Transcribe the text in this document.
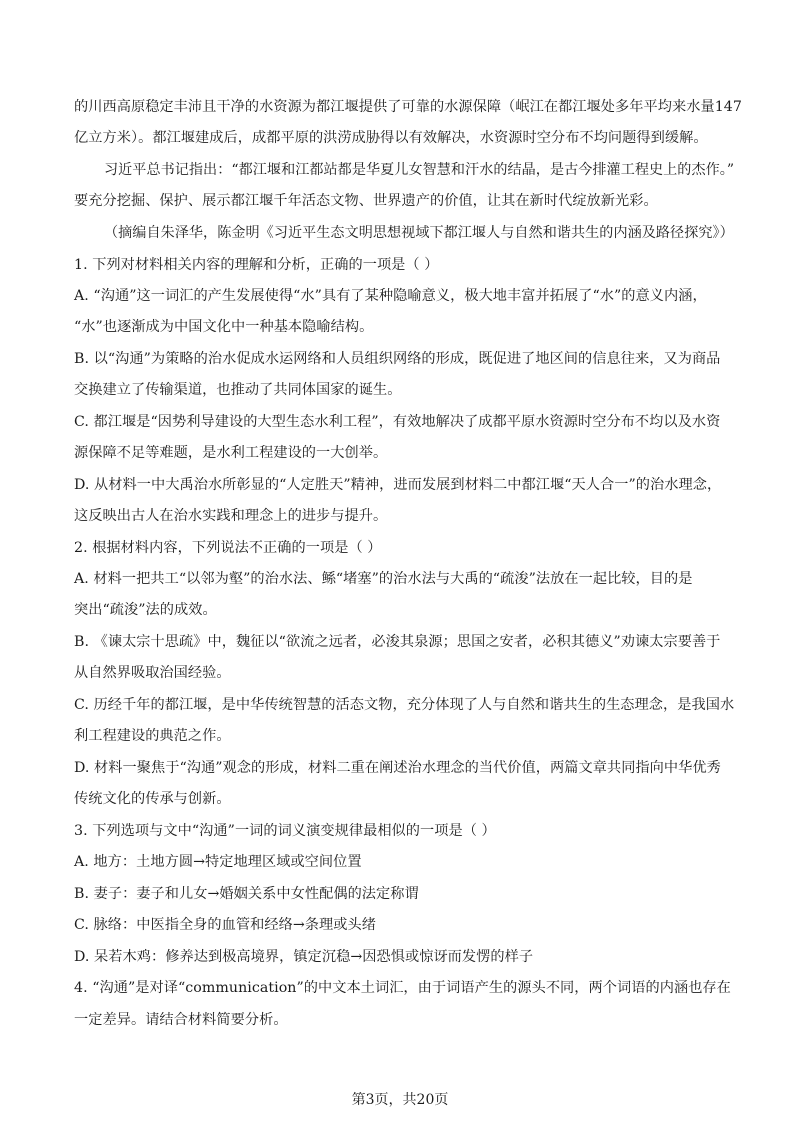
的川西高原稳定丰沛且干净的水资源为都江堰提供了可靠的水源保障（岷江在都江堰处多年平均来水量147
亿立方米）。都江堰建成后，成都平原的洪涝成胁得以有效解决，水资源时空分布不均问题得到缓解。
习近平总书记指出：“都江堰和江都站都是华夏儿女智慧和汗水的结晶，是古今排灌工程史上的杰作。”
要充分挖掘、保护、展示都江堰千年活态文物、世界遗产的价值，让其在新时代绽放新光彩。
（摘编自朱泽华，陈金明《习近平生态文明思想视域下都江堰人与自然和谐共生的内涵及路径探究》）
1. 下列对材料相关内容的理解和分析，正确的一项是（ ）
A. “沟通”这一词汇的产生发展使得“水”具有了某种隐喻意义，极大地丰富并拓展了“水”的意义内涵，
“水”也逐渐成为中国文化中一种基本隐喻结构。
B. 以“沟通”为策略的治水促成水运网络和人员组织网络的形成，既促进了地区间的信息往来，又为商品
交换建立了传输渠道，也推动了共同体国家的诞生。
C. 都江堰是“因势利导建设的大型生态水利工程”，有效地解决了成都平原水资源时空分布不均以及水资
源保障不足等难题，是水利工程建设的一大创举。
D. 从材料一中大禹治水所彰显的“人定胜天”精神，进而发展到材料二中都江堰“天人合一”的治水理念，
这反映出古人在治水实践和理念上的进步与提升。
2. 根据材料内容，下列说法不正确的一项是（ ）
A. 材料一把共工“以邻为壑”的治水法、鲧“堵塞”的治水法与大禹的“疏浚”法放在一起比较，目的是
突出“疏浚”法的成效。
B. 《谏太宗十思疏》中，魏征以“欲流之远者，必浚其泉源；思国之安者，必积其德义”劝谏太宗要善于
从自然界吸取治国经验。
C. 历经千年的都江堰，是中华传统智慧的活态文物，充分体现了人与自然和谐共生的生态理念，是我国水
利工程建设的典范之作。
D. 材料一聚焦于“沟通”观念的形成，材料二重在阐述治水理念的当代价值，两篇文章共同指向中华优秀
传统文化的传承与创新。
3. 下列选项与文中“沟通”一词的词义演变规律最相似的一项是（ ）
A. 地方：土地方圆→特定地理区域或空间位置
B. 妻子：妻子和儿女→婚姻关系中女性配偶的法定称谓
C. 脉络：中医指全身的血管和经络→条理或头绪
D. 呆若木鸡：修养达到极高境界，镇定沉稳→因恐惧或惊讶而发愣的样子
4. “沟通”是对译“communication”的中文本土词汇，由于词语产生的源头不同，两个词语的内涵也存在
一定差异。请结合材料简要分析。
第3页，共20页
